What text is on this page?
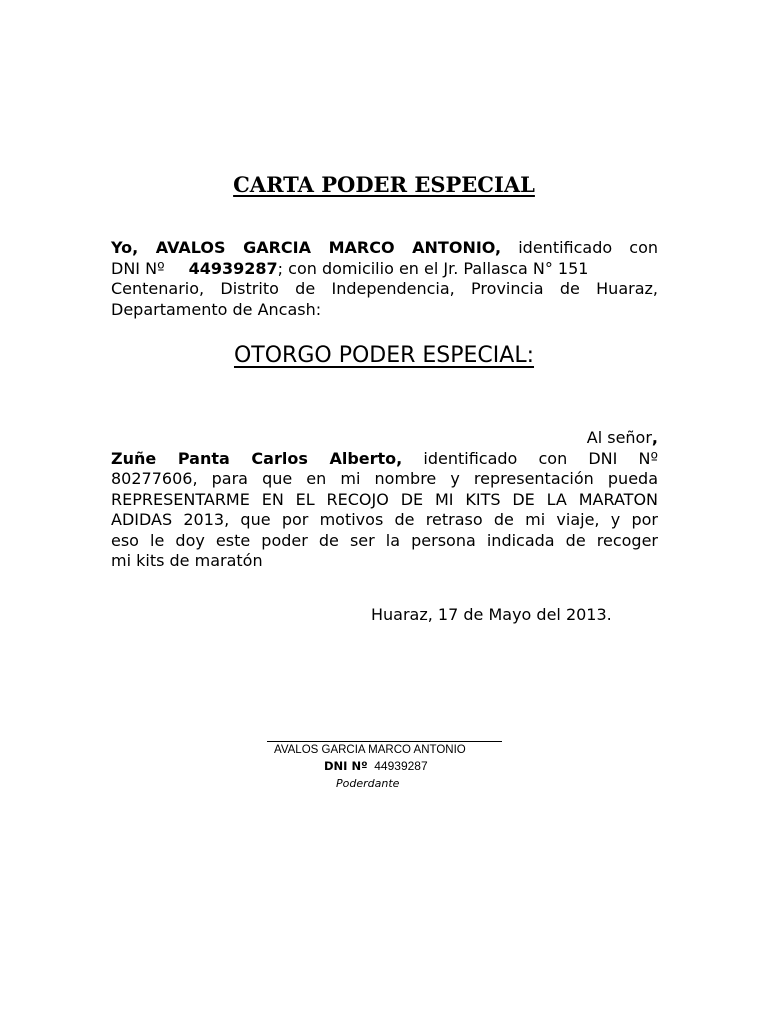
CARTA PODER ESPECIAL
Yo, AVALOS GARCIA MARCO ANTONIO, identificado con
DNI Nº 44939287; con domicilio en el Jr. Pallasca N° 151
Centenario, Distrito de Independencia, Provincia de Huaraz,
Departamento de Ancash:
OTORGO PODER ESPECIAL:
Al señor,
Zuñe Panta Carlos Alberto, identificado con DNI Nº
80277606, para que en mi nombre y representación pueda
REPRESENTARME EN EL RECOJO DE MI KITS DE LA MARATON
ADIDAS 2013, que por motivos de retraso de mi viaje, y por
eso le doy este poder de ser la persona indicada de recoger
mi kits de maratón
Huaraz, 17 de Mayo del 2013.
AVALOS GARCIA MARCO ANTONIO
DNI Nº 44939287
Poderdante
